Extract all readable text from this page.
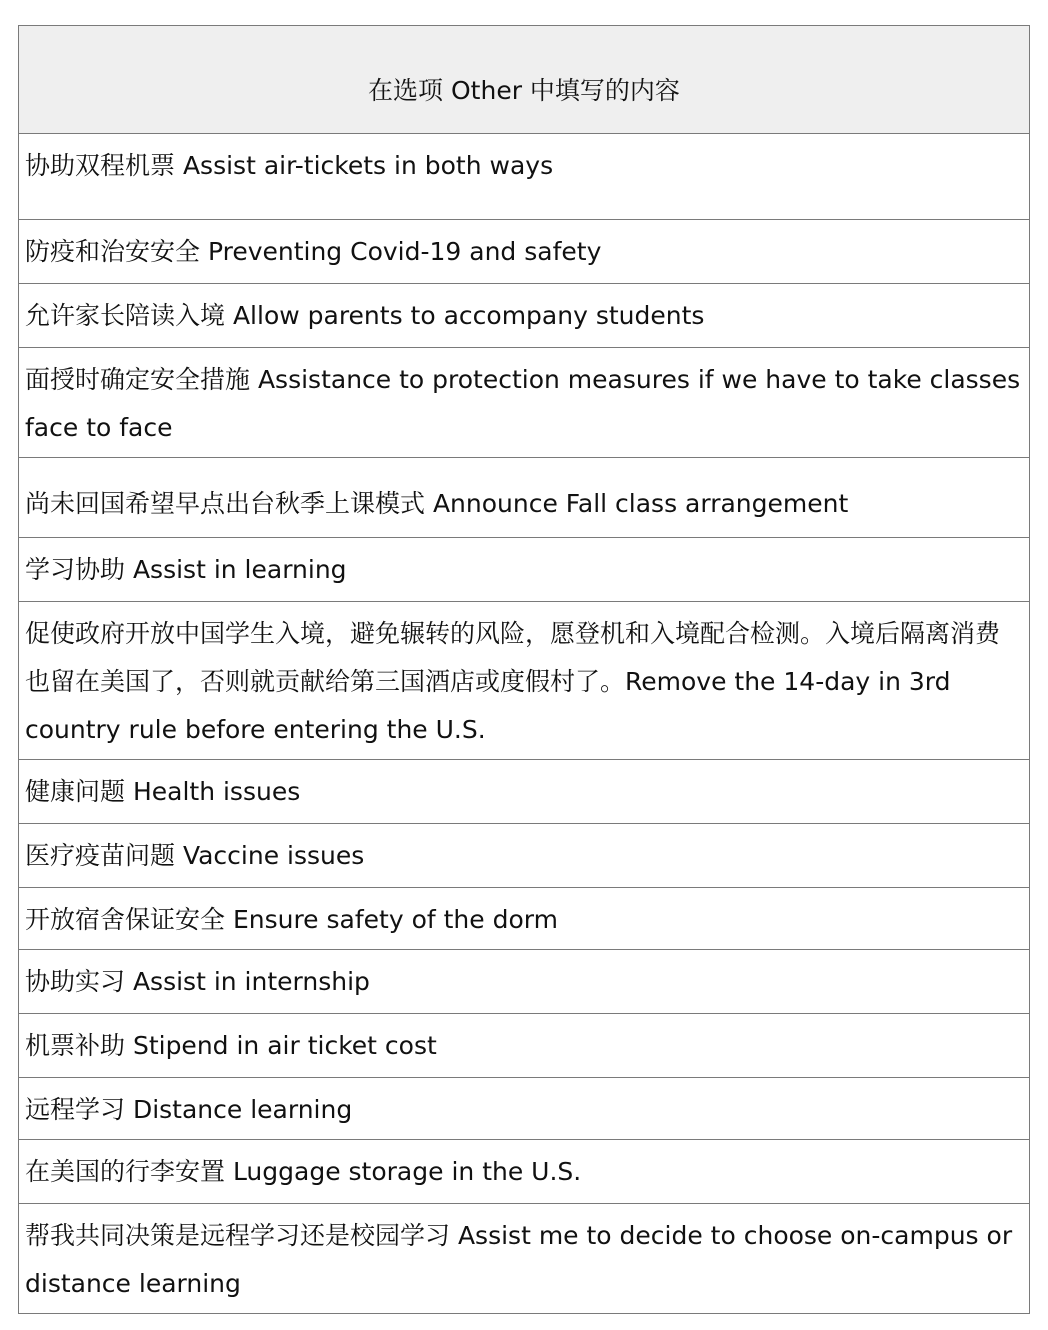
在选项 Other 中填写的内容
协助双程机票 Assist air-tickets in both ways
防疫和治安安全 Preventing Covid-19 and safety
允许家长陪读入境 Allow parents to accompany students
面授时确定安全措施 Assistance to protection measures if we have to take classes face to face
尚未回国希望早点出台秋季上课模式 Announce Fall class arrangement
学习协助 Assist in learning
促使政府开放中国学生入境，避免辗转的风险，愿登机和入境配合检测。入境后隔离消费也留在美国了，否则就贡献给第三国酒店或度假村了。Remove the 14-day in 3rd country rule before entering the U.S.
健康问题 Health issues
医疗疫苗问题 Vaccine issues
开放宿舍保证安全 Ensure safety of the dorm
协助实习 Assist in internship
机票补助 Stipend in air ticket cost
远程学习 Distance learning
在美国的行李安置 Luggage storage in the U.S.
帮我共同决策是远程学习还是校园学习 Assist me to decide to choose on-campus or distance learning
